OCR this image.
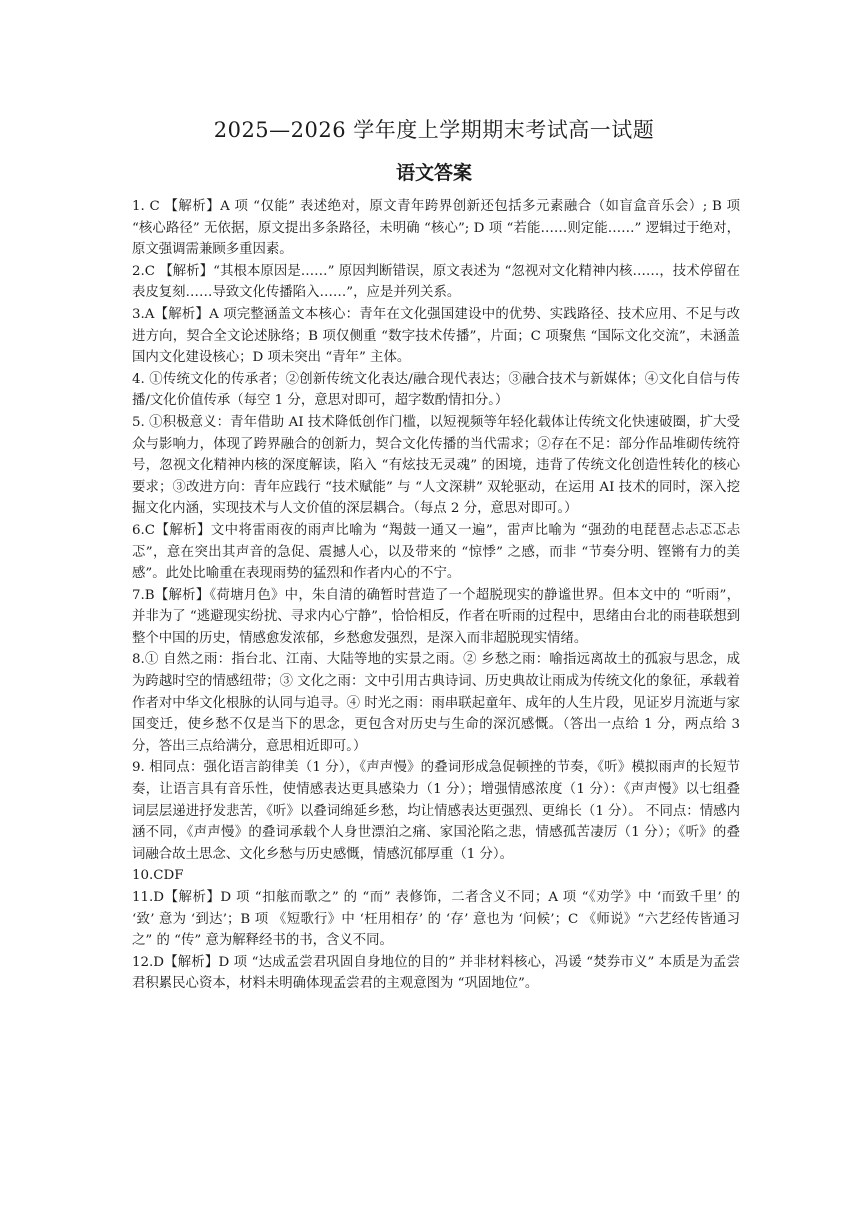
2025—2026 学年度上学期期末考试高一试题
语文答案

1. C 【解析】A 项 “仅能” 表述绝对，原文青年跨界创新还包括多元素融合（如盲盒音乐会）; B 项 “核心路径” 无依据，原文提出多条路径，未明确 “核心”; D 项 “若能……则定能……” 逻辑过于绝对，原文强调需兼顾多重因素。

2.C 【解析】“其根本原因是……” 原因判断错误，原文表述为 “忽视对文化精神内核……，技术停留在表皮复刻……导致文化传播陷入……”，应是并列关系。

3.A【解析】A 项完整涵盖文本核心：青年在文化强国建设中的优势、实践路径、技术应用、不足与改进方向，契合全文论述脉络；B 项仅侧重 “数字技术传播”，片面；C 项聚焦 “国际文化交流”，未涵盖国内文化建设核心；D 项未突出 “青年” 主体。

4. ①传统文化的传承者；②创新传统文化表达/融合现代表达；③融合技术与新媒体；④文化自信与传播/文化价值传承（每空 1 分，意思对即可，超字数酌情扣分。）

5. ①积极意义：青年借助 AI 技术降低创作门槛，以短视频等年轻化载体让传统文化快速破圈，扩大受众与影响力，体现了跨界融合的创新力，契合文化传播的当代需求；②存在不足：部分作品堆砌传统符号，忽视文化精神内核的深度解读，陷入 “有炫技无灵魂” 的困境，违背了传统文化创造性转化的核心要求；③改进方向：青年应践行 “技术赋能” 与 “人文深耕” 双轮驱动，在运用 AI 技术的同时，深入挖掘文化内涵，实现技术与人文价值的深层耦合。（每点 2 分，意思对即可。）

6.C【解析】文中将雷雨夜的雨声比喻为 “羯鼓一通又一遍”，雷声比喻为 “强劲的电琵琶忐忐忑忑忐忑”，意在突出其声音的急促、震撼人心，以及带来的 “惊悸” 之感，而非 “节奏分明、铿锵有力的美感”。此处比喻重在表现雨势的猛烈和作者内心的不宁。

7.B【解析】《荷塘月色》中，朱自清的确暂时营造了一个超脱现实的静谧世界。但本文中的 “听雨”，并非为了 “逃避现实纷扰、寻求内心宁静”，恰恰相反，作者在听雨的过程中，思绪由台北的雨巷联想到整个中国的历史，情感愈发浓郁，乡愁愈发强烈，是深入而非超脱现实情绪。

8.① 自然之雨：指台北、江南、大陆等地的实景之雨。② 乡愁之雨：喻指远离故土的孤寂与思念，成为跨越时空的情感纽带；③ 文化之雨：文中引用古典诗词、历史典故让雨成为传统文化的象征，承载着作者对中华文化根脉的认同与追寻。④ 时光之雨：雨串联起童年、成年的人生片段，见证岁月流逝与家国变迁，使乡愁不仅是当下的思念，更包含对历史与生命的深沉感慨。（答出一点给 1 分，两点给 3 分，答出三点给满分，意思相近即可。）

9. 相同点：强化语言韵律美（1 分），《声声慢》的叠词形成急促顿挫的节奏，《听》模拟雨声的长短节奏，让语言具有音乐性，使情感表达更具感染力（1 分）；增强情感浓度（1 分）：《声声慢》以七组叠词层层递进抒发悲苦，《听》以叠词绵延乡愁，均让情感表达更强烈、更绵长（1 分）。 不同点：情感内涵不同，《声声慢》的叠词承载个人身世漂泊之痛、家国沦陷之悲，情感孤苦凄厉（1 分）；《听》的叠词融合故土思念、文化乡愁与历史感慨，情感沉郁厚重（1 分）。

10.CDF

11.D【解析】D 项 “扣舷而歌之” 的 “而” 表修饰，二者含义不同；A 项 “《劝学》中 ‘而致千里’ 的 ‘致’ 意为 ‘到达’；B 项 《短歌行》中 ‘枉用相存’ 的 ‘存’ 意也为 ‘问候’；C 《师说》“六艺经传皆通习之” 的 “传” 意为解释经书的书，含义不同。

12.D【解析】D 项 “达成孟尝君巩固自身地位的目的” 并非材料核心，冯谖 “焚券市义” 本质是为孟尝君积累民心资本，材料未明确体现孟尝君的主观意图为 “巩固地位”。
